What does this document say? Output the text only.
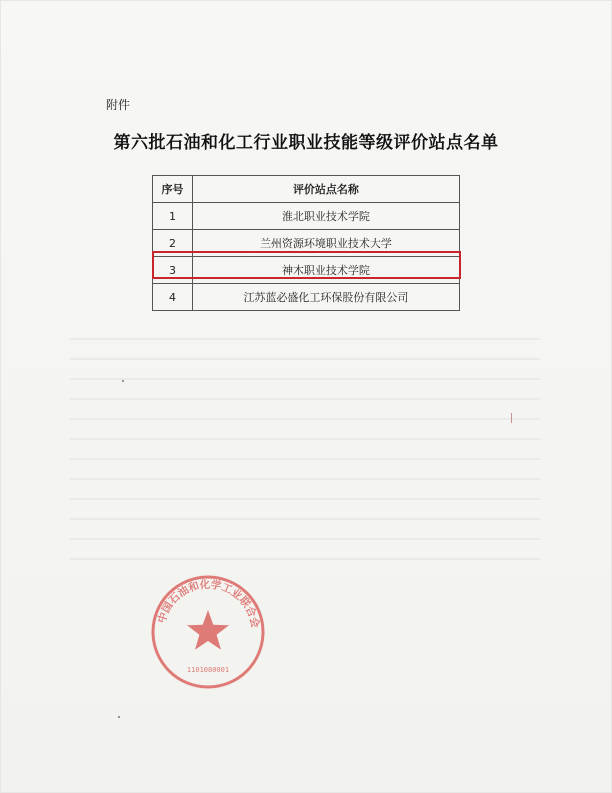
附件
第六批石油和化工行业职业技能等级评价站点名单
序号	评价站点名称
1	淮北职业技术学院
2	兰州资源环境职业技术大学
3	神木职业技术学院
4	江苏蓝必盛化工环保股份有限公司
中国石油和化学工业联合会
1101080001
